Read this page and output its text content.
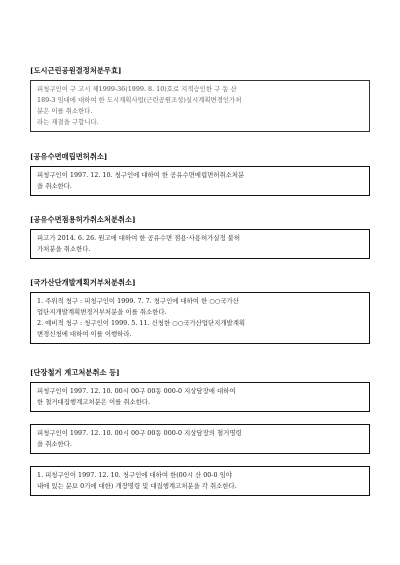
[도시근린공원결정처분무효]
피청구인이 구 고시 제1999-36(1999. 8. 10)호로 지적승인한 구 동 산
189-3 임대에 대하여 한 도시계획사업(근린공원조성)실시계획변경인가처
분은 이를 취소한다.
라는 재결을 구합니다.
[공유수면매립면허취소]
피청구인이 1997. 12. 10. 청구인에 대하여 한 공유수면매립면허취소처분
을 취소한다.
[공유수면점용허가취소처분취소]
피고가 2014. 6. 26. 원고에 대하여 한 공유수면 점용·사용허가실정 불허
가처분을 취소한다.
[국가산단개발계획거부처분취소]
1. 주위적 청구 : 피청구인이 1999. 7. 7. 청구인에 대하여 한 ○○국가산
업단지개발계획변경거부처분을 이를 취소한다.
2. 예비적 청구 : 청구인이 1999. 5. 11. 신청한 ○○국가산업단지개발계획
변경신청에 대하여 이를 이행하라.
[단장철거 계고처분취소 등]
피청구인이 1997. 12. 10. 00시 00구 00동 000-0 지상담장에 대하여
한 철거대집행계고처분은 이를 취소한다.
피청구인이 1997. 12. 10. 00시 00구 00동 000-0 지상담장의 철거명령
을 취소한다.
1. 피청구인이 1997. 12. 10. 청구인에 대하여 한(00시 산 00-0 임야
내에 있는 분묘 0기에 대한) 개장명령 및 대집행계고처분을 각 취소한다.
